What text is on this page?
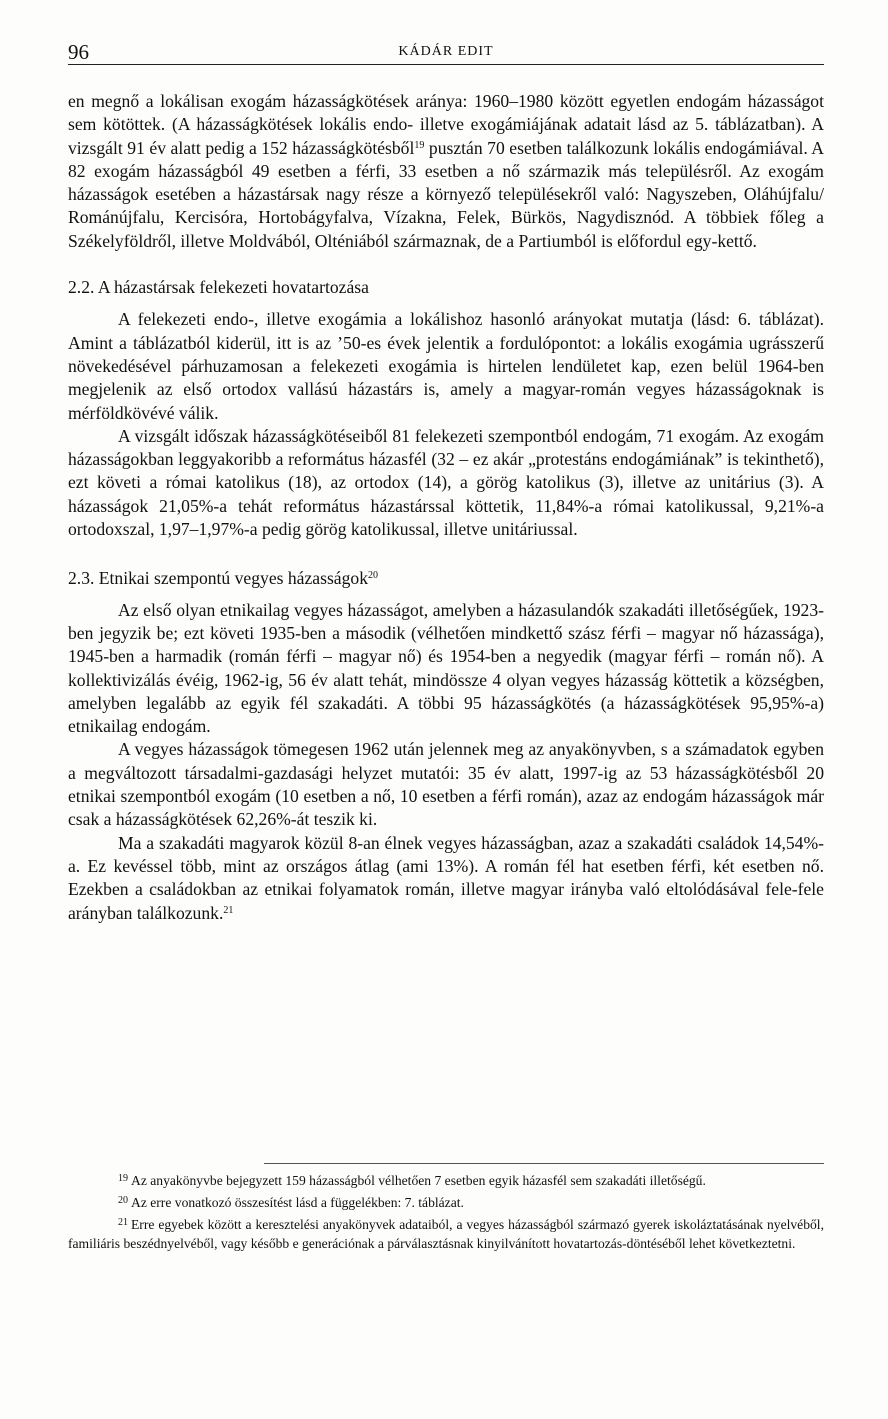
96	KÁDÁR EDIT

en megnő a lokálisan exogám házasságkötések aránya: 1960–1980 között egyetlen endogám házasságot sem kötöttek. (A házasságkötések lokális endo- illetve exogámiájának adatait lásd az 5. táblázatban). A vizsgált 91 év alatt pedig a 152 házasságkötésből$^{19}$ pusztán 70 esetben találkozunk lokális endogámiával. A 82 exogám házasságból 49 esetben a férfi, 33 esetben a nő származik más településről. Az exogám házasságok esetében a házastársak nagy része a környező településekről való: Nagyszeben, Oláhújfalu/ Románújfalu, Kercisóra, Hortobágyfalva, Vízakna, Felek, Bürkös, Nagydisznód. A többiek főleg a Székelyföldről, illetve Moldvából, Olténiából származnak, de a Partiumból is előfordul egy-kettő.

2.2. A házastársak felekezeti hovatartozása

A felekezeti endo-, illetve exogámia a lokálishoz hasonló arányokat mutatja (lásd: 6. táblázat). Amint a táblázatból kiderül, itt is az ’50-es évek jelentik a fordulópontot: a lokális exogámia ugrásszerű növekedésével párhuzamosan a felekezeti exogámia is hirtelen lendületet kap, ezen belül 1964-ben megjelenik az első ortodox vallású házastárs is, amely a magyar-román vegyes házasságoknak is mérföldkövévé válik.

A vizsgált időszak házasságkötéseiből 81 felekezeti szempontból endogám, 71 exogám. Az exogám házasságokban leggyakoribb a református házasfél (32 – ez akár „protestáns endogámiának” is tekinthető), ezt követi a római katolikus (18), az ortodox (14), a görög katolikus (3), illetve az unitárius (3). A házasságok 21,05%-a tehát református házastárssal köttetik, 11,84%-a római katolikussal, 9,21%-a ortodoxszal, 1,97–1,97%-a pedig görög katolikussal, illetve unitáriussal.

2.3. Etnikai szempontú vegyes házasságok$^{20}$

Az első olyan etnikailag vegyes házasságot, amelyben a házasulandók szakadáti illetőségűek, 1923-ben jegyzik be; ezt követi 1935-ben a második (vélhetően mindkettő szász férfi – magyar nő házassága), 1945-ben a harmadik (román férfi – magyar nő) és 1954-ben a negyedik (magyar férfi – román nő). A kollektivizálás évéig, 1962-ig, 56 év alatt tehát, mindössze 4 olyan vegyes házasság köttetik a községben, amelyben legalább az egyik fél szakadáti. A többi 95 házasságkötés (a házasságkötések 95,95%-a) etnikailag endogám.

A vegyes házasságok tömegesen 1962 után jelennek meg az anyakönyvben, s a számadatok egyben a megváltozott társadalmi-gazdasági helyzet mutatói: 35 év alatt, 1997-ig az 53 házasságkötésből 20 etnikai szempontból exogám (10 esetben a nő, 10 esetben a férfi román), azaz az endogám házasságok már csak a házasságkötések 62,26%-át teszik ki.

Ma a szakadáti magyarok közül 8-an élnek vegyes házasságban, azaz a szakadáti családok 14,54%-a. Ez kevéssel több, mint az országos átlag (ami 13%). A román fél hat esetben férfi, két esetben nő. Ezekben a családokban az etnikai folyamatok román, illetve magyar irányba való eltolódásával fele-fele arányban találkozunk.$^{21}$

$^{19}$ Az anyakönyvbe bejegyzett 159 házasságból vélhetően 7 esetben egyik házasfél sem szakadáti illetőségű.

$^{20}$ Az erre vonatkozó összesítést lásd a függelékben: 7. táblázat.

$^{21}$ Erre egyebek között a keresztelési anyakönyvek adataiból, a vegyes házasságból származó gyerek iskoláztatásának nyelvéből, familiáris beszédnyelvéből, vagy később e generációnak a párválasztásnak kinyilvánított hovatartozás-döntéséből lehet következtetni.
